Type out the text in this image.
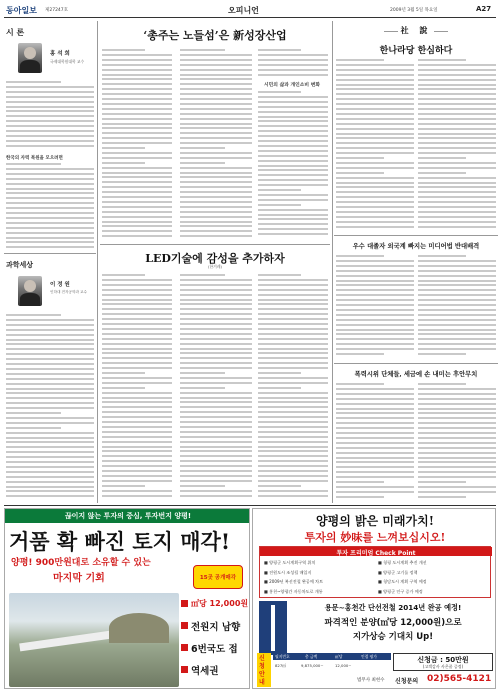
동아일보 제27247호	오피니언	2009년 3월 5일 목요일	A27
시 론
홍 석 희
국제대학원대학 교수
한국의 자력 복원을 모으려면
과학세상
이 정 원
인하대 전자공학과 교수
‘총주는 노들섬’은 新성장산업
시민의 삶과 개인소비 변화
LED기술에 감성을 추가하자
(한겨레)
社 說
한나라당 한심하다
우수 대졸자 외국계 빠지는 미디어법 반대배격
폭력시위 단체들, 세금에 손 내미는 후안무치
끊이지 않는 투자의 중심, 투자번지 양평!
거품 확 빠진 토지 매각!
양평! 900만원대로 소유할 수 있는
마지막 기회	15곳 공개매각
㎡당 12,000원
전원지 남향
6번국도 접
역세권
양평의 밝은 미래가치!
투자의 妙味를 느껴보십시오!
투자 프리미엄 Check Point
■ 양평군 도시계획구역 위치
■ 전원도시 조성될 매입지
■ 2009년 복선전철 완공예 차트
■ 홍천~양평간 자동차도로 개통
■ 청평 도시계획 추진 개선
■ 양평군 고기를 정책
■ 청담도시 계획 구역 예정
■ 양평군 인구 증가 예정
용문~홍천간 단선전철 2014년 완공 예정!
파격적인 분양(㎡당 12,000원)으로
지가상승 기대치 Up!
신청안내
필지번호	총 금액	㎡당	인접 평가
827㎡	9,875,000~	12,000~
신청금 : 50만원
(고객감사 사은품 증정)
법무사 최현수 신청문의 02)565-4121
